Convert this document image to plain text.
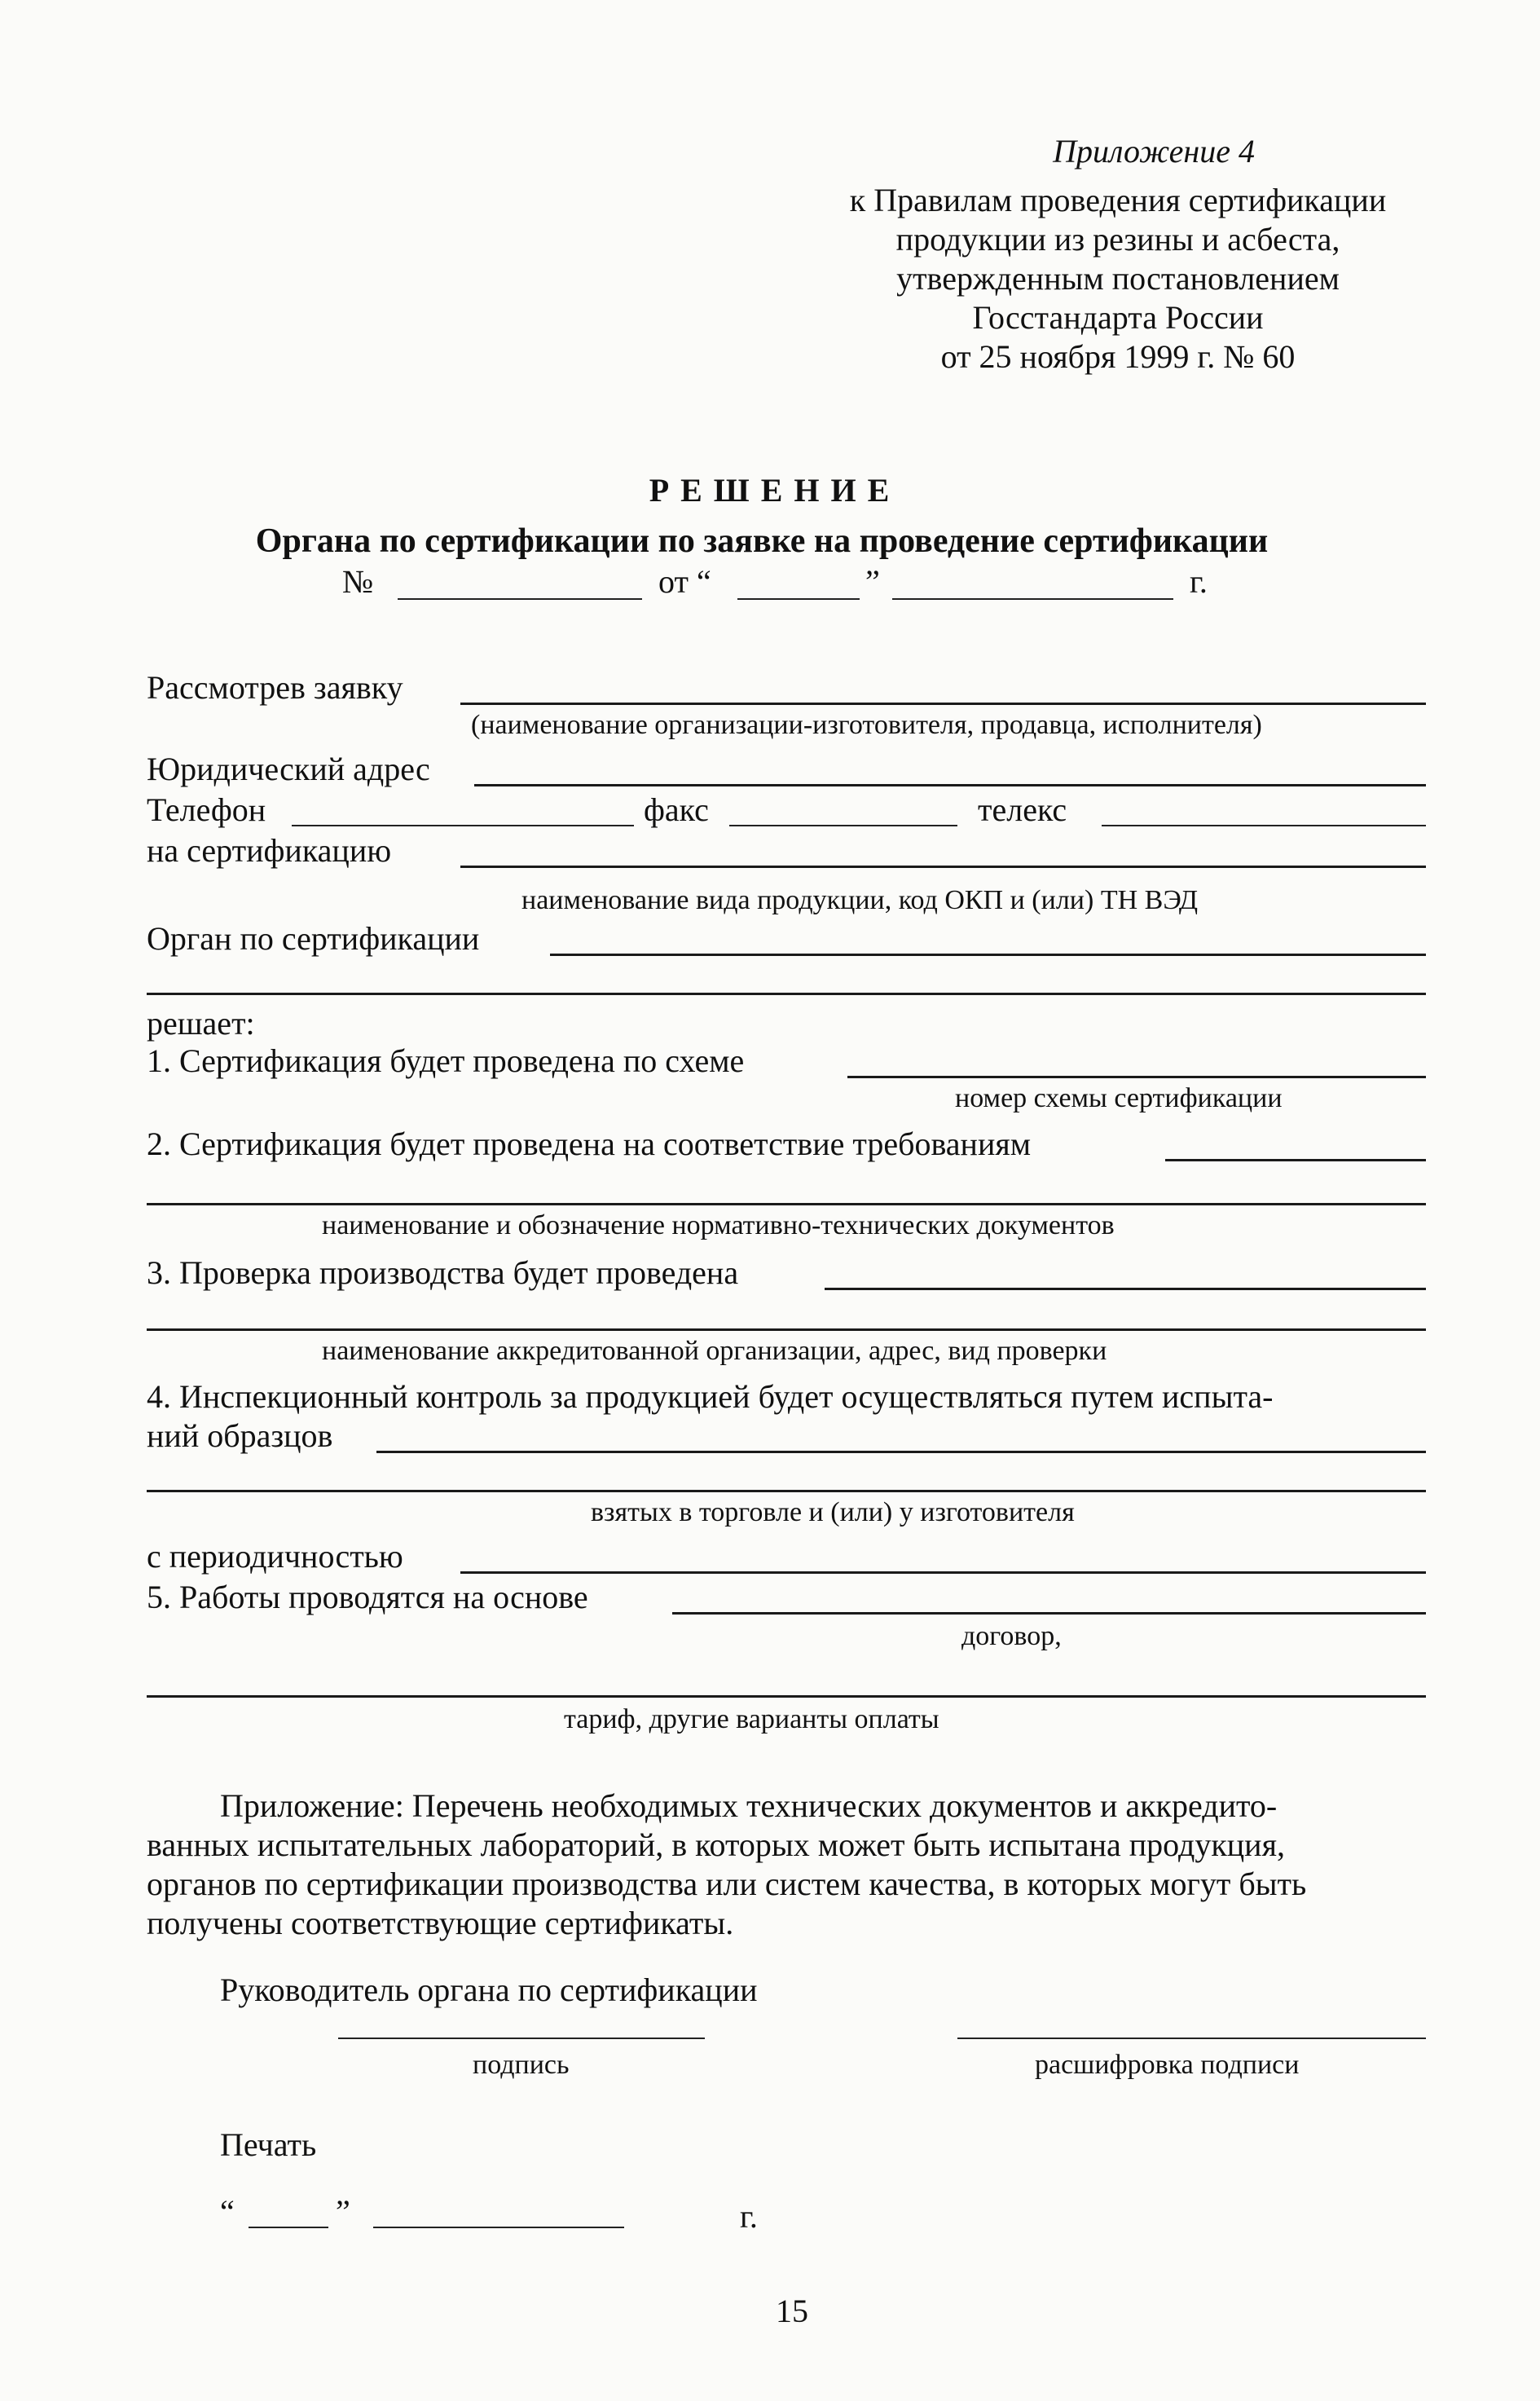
Приложение 4
к Правилам проведения сертификации
продукции из резины и асбеста,
утвержденным постановлением
Госстандарта России
от 25 ноября 1999 г. № 60
Р Е Ш Е Н И Е
Органа по сертификации по заявке на проведение сертификации
№	от “	”	г.
Рассмотрев заявку
(наименование организации-изготовителя, продавца, исполнителя)
Юридический адрес
Телефон	факс	телекс
на сертификацию
наименование вида продукции, код ОКП и (или) ТН ВЭД
Орган по сертификации
решает:
1. Сертификация будет проведена по схеме
номер схемы сертификации
2. Сертификация будет проведена на соответствие требованиям
наименование и обозначение нормативно-технических документов
3. Проверка производства будет проведена
наименование аккредитованной организации, адрес, вид проверки
4. Инспекционный контроль за продукцией будет осуществляться путем испыта-
ний образцов
взятых в торговле и (или) у изготовителя
с периодичностью
5. Работы проводятся на основе
договор,
тариф, другие варианты оплаты
Приложение: Перечень необходимых технических документов и аккредито-
ванных испытательных лабораторий, в которых может быть испытана продукция,
органов по сертификации производства или систем качества, в которых могут быть
получены соответствующие сертификаты.
Руководитель органа по сертификации
подпись	расшифровка подписи
Печать
“	”	г.
15
